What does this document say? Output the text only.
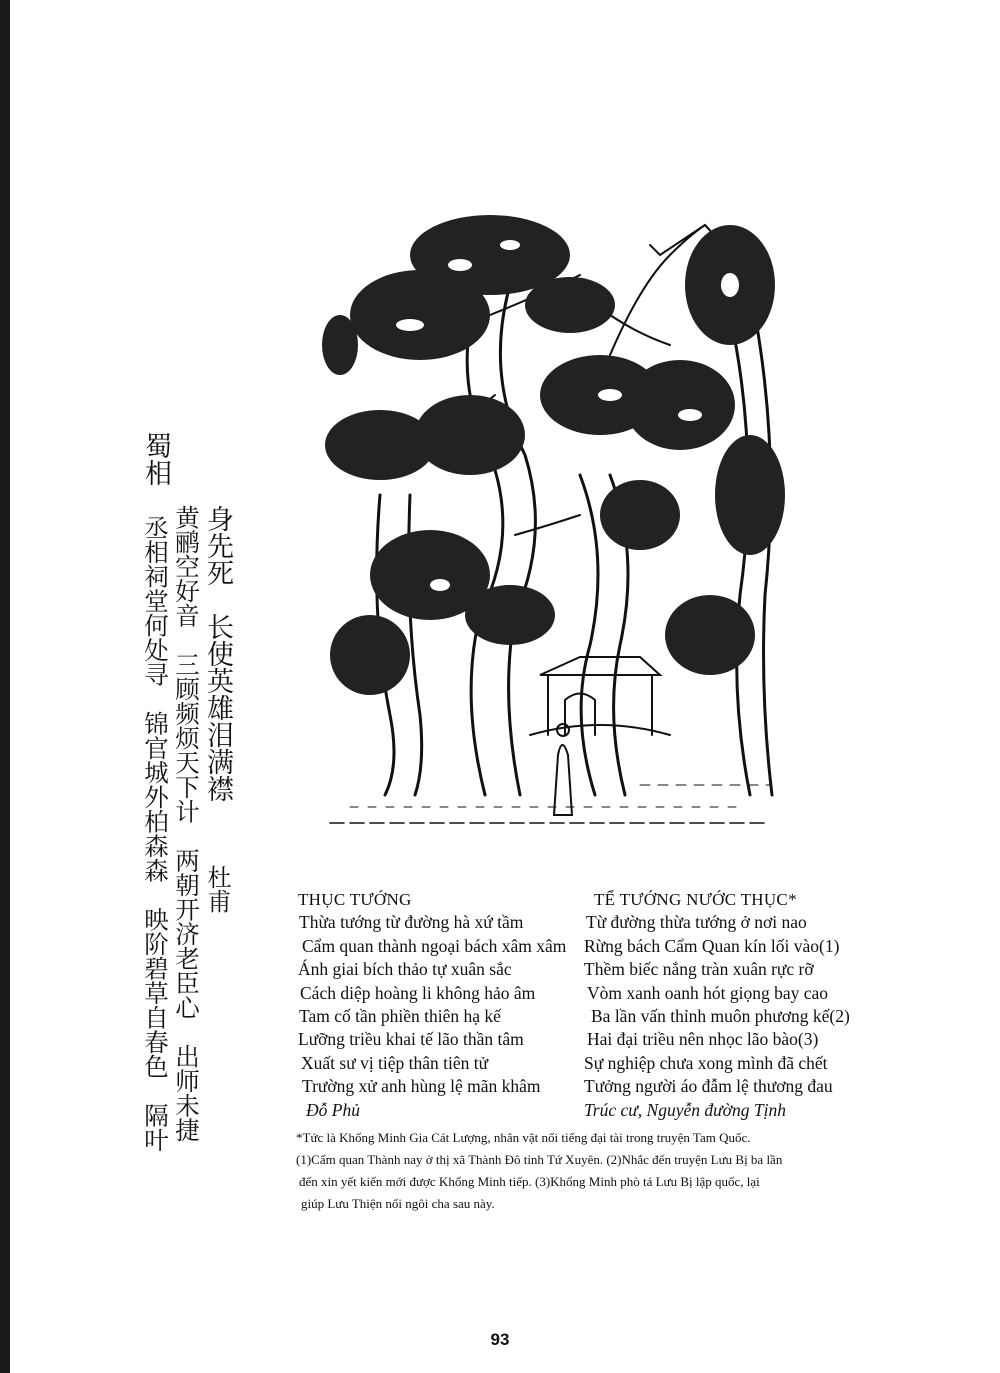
蜀相
身先死　长使英雄泪满襟
杜甫
黄鹂空好音　三顾频烦天下计　两朝开济老臣心　出师未捷
丞相祠堂何处寻　锦官城外柏森森　映阶碧草自春色　隔叶	THỤC TƯỚNG
Thừa tướng từ đường hà xứ tầm
Cẩm quan thành ngoại bách xâm xâm
Ánh giai bích thảo tự xuân sắc
Cách diệp hoàng li không hảo âm
Tam cố tần phiền thiên hạ kế
Lưỡng triều khai tế lão thần tâm
Xuất sư vị tiệp thân tiên tử
Trường xử anh hùng lệ mãn khâm
Đỗ Phủ
TỂ TƯỚNG NƯỚC THỤC*
Từ đường thừa tướng ở nơi nao
Rừng bách Cẩm Quan kín lối vào(1)
Thềm biếc nắng tràn xuân rực rỡ
Vòm xanh oanh hót giọng bay cao
Ba lần vấn thỉnh muôn phương kế(2)
Hai đại triều nên nhọc lão bào(3)
Sự nghiệp chưa xong mình đã chết
Tưởng người áo đẫm lệ thương đau
Trúc cư, Nguyễn đường Tịnh
*Tức là Khổng Minh Gia Cát Lượng, nhân vật nổi tiếng đại tài trong truyện Tam Quốc.
(1)Cẩm quan Thành nay ở thị xã Thành Đô tỉnh Tứ Xuyên. (2)Nhắc đến truyện Lưu Bị ba lần
đến xin yết kiến mới được Khổng Minh tiếp. (3)Khổng Minh phò tá Lưu Bị lập quốc, lại
giúp Lưu Thiện nối ngôi cha sau này.
93
